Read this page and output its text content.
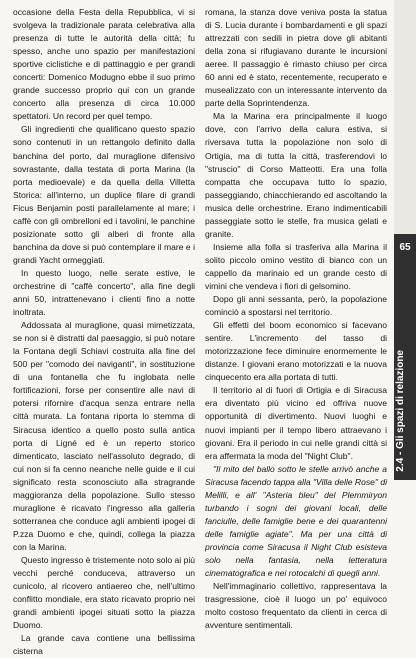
occasione della Festa della Repubblica, vi si svolgeva la tradizionale parata celebrativa alla presenza di tutte le autorità della città; fu spesso, anche uno spazio per manifestazioni sportive ciclistiche e di pattinaggio e per grandi concerti: Domenico Modugno ebbe il suo primo grande successo proprio qui con un grande concerto alla presenza di circa 10.000 spettatori. Un record per quel tempo.

Gli ingredienti che qualificano questo spazio sono contenuti in un rettangolo definito dalla banchina del porto, dal muraglione difensivo sovrastante, dalla testata di porta Marina (la porta medioevale) e da quella della Villetta Storica: all'interno, un duplice filare di grandi Ficus Benjamin posti parallelamente al mare; i caffè con gli ombrelloni ed i tavolini, le panchine posizionate sotto gli alberi di fronte alla banchina da dove si può contemplare il mare e i grandi Yacht ormeggiati.

In questo luogo, nelle serate estive, le orchestrine di "caffè concerto", alla fine degli anni 50, intrattenevano i clienti fino a notte inoltrata.

Addossata al muraglione, quasi mimetizzata, se non si è distratti dal paesaggio, si può notare la Fontana degli Schiavi costruita alla fine del 500 per "comodo dei naviganti", in sostituzione di una fontanella che fu inglobata nelle fortificazioni, forse per consentire alle navi di potersi rifornire d'acqua senza entrare nella città murata. La fontana riporta lo stemma di Siracusa identico a quello posto sulla antica porta di Ligné ed è un reperto storico dimenticato, lasciato nell'assoluto degrado, di cui non si fa cenno neanche nelle guide e il cui significato resta sconosciuto alla stragrande maggioranza della popolazione. Sullo stesso muraglione è ricavato l'ingresso alla galleria sotterranea che conduce agli ambienti ipogei di P.zza Duomo e che, quindi, collega la piazza con la Marina.

Questo ingresso è tristemente noto solo ai più vecchi perché conduceva, attraverso un cunicolo, al ricovero antiaereo che, nell'ultimo conflitto mondiale, era stato ricavato proprio nei grandi ambienti ipogei situati sotto la piazza Duomo.

La grande cava contiene una bellissima cisterna

romana, la stanza dove veniva posta la statua di S. Lucia durante i bombardamenti e gli spazi attrezzati con sedili in pietra dove gli abitanti della zona si rifugiavano durante le incursioni aeree. Il passaggio è rimasto chiuso per circa 60 anni ed è stato, recentemente, recuperato e musealizzato con un interessante intervento da parte della Soprintendenza.

Ma la Marina era principalmente il luogo dove, con l'arrivo della calura estiva, si riversava tutta la popolazione non solo di Ortigia, ma di tutta la città, trasferendovi lo "struscio" di Corso Matteotti. Era una folla compatta che occupava tutto lo spazio, passeggiando, chiacchierando ed ascoltando la musica delle orchestrine. Erano indimenticabili passeggiate sotto le stelle, fra musica gelati e granite.

Insieme alla folla si trasferiva alla Marina il solito piccolo omino vestito di bianco con un cappello da marinaio ed un grande cesto di vimini che vendeva i fiori di gelsomino.

Dopo gli anni sessanta, però, la popolazione cominciò a spostarsi nel territorio.

Gli effetti del boom economico si facevano sentire. L'incremento del tasso di motorizzazione fece diminuire enormemente le distanze. I giovani erano motorizzati e la nuova cinquecento era alla portata di tutti.

Il territorio al di fuori di Ortigia e di Siracusa era diventato più vicino ed offriva nuove opportunità di divertimento. Nuovi luoghi e nuovi impianti per il tempo libero attraevano i giovani. Era il periodo in cui nelle grandi città si era affermata la moda del "Night Club".

"Il mito del ballo sotto le stelle arrivò anche a Siracusa facendo tappa alla "Villa delle Rose" di Melilli, e all' "Asteria bleu" del Plemmiryon turbando i sogni dei giovani locali, delle fanciulle, delle famiglie bene e dei quarantenni delle famiglie agiate". Ma per una città di provincia come Siracusa il Night Club esisteva solo nella fantasia, nella letteratura cinematografica e nei rotocalchi di quegli anni.

Nell'immaginario collettivo, rappresentava la trasgressione, cioè il luogo un po' equivoco molto costoso frequentato da clienti in cerca di avventure sentimentali.

2.4 - Gli spazi di relazione
65
